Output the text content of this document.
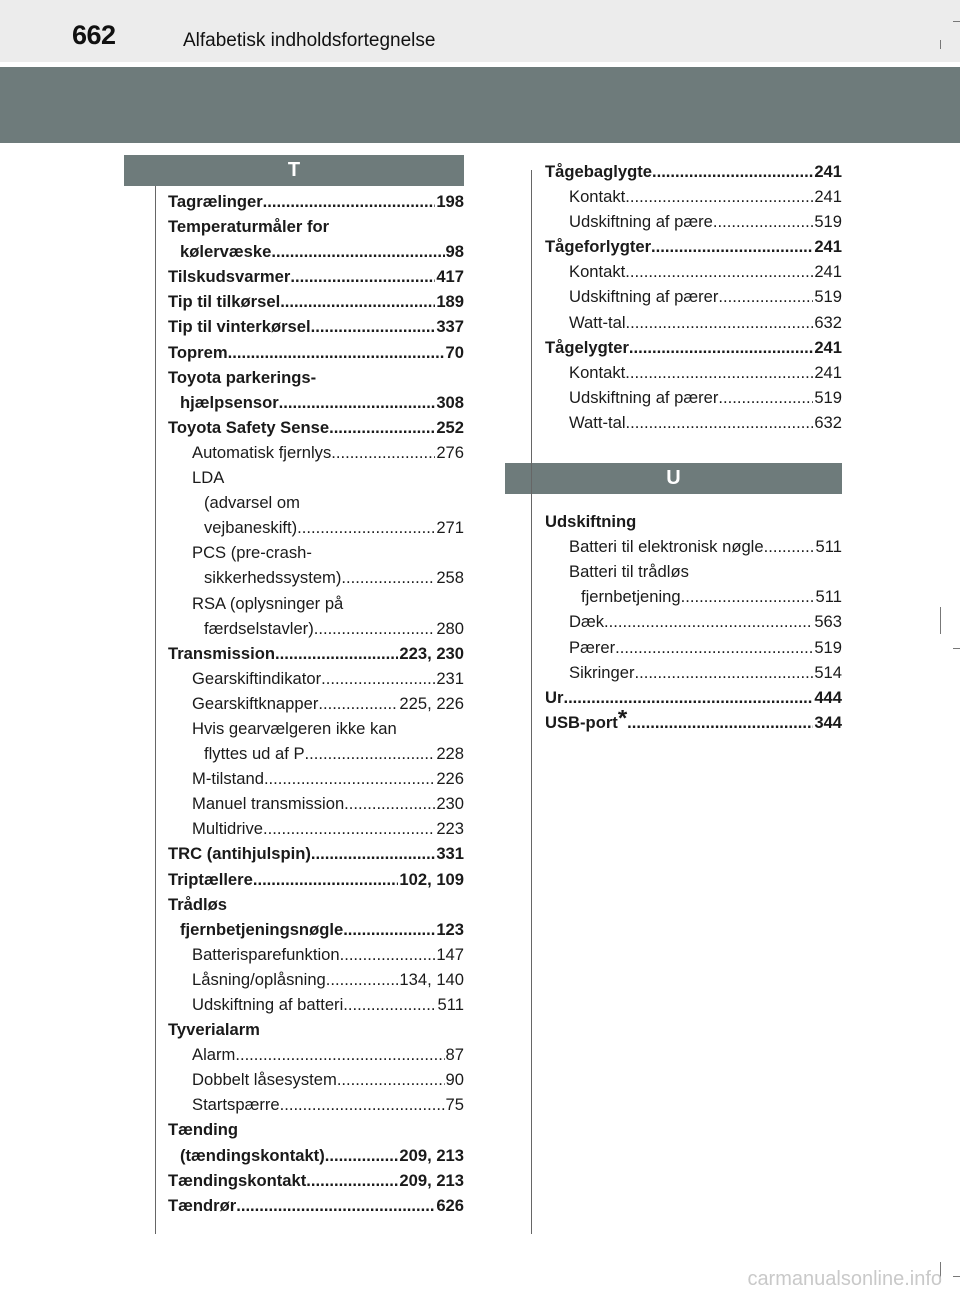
662	Alfabetisk indholdsfortegnelse
T
U
Tagrælinger .....	198
Temperaturmåler for
kølervæske .....	98
Tilskudsvarmer .....	417
Tip til tilkørsel .....	189
Tip til vinterkørsel .....	337
Toprem .....	70
Toyota parkerings-
hjælpsensor .....	308
Toyota Safety Sense .....	252
Automatisk fjernlys .....	276
LDA
(advarsel om
vejbaneskift) .....	271
PCS (pre-crash-
sikkerhedssystem) .....	258
RSA (oplysninger på
færdselstavler) .....	280
Transmission .....	223, 230
Gearskiftindikator .....	231
Gearskiftknapper .....	225, 226
Hvis gearvælgeren ikke kan
flyttes ud af P .....	228
M-tilstand .....	226
Manuel transmission .....	230
Multidrive .....	223
TRC (antihjulspin) .....	331
Triptællere .....	102, 109
Trådløs
fjernbetjeningsnøgle .....	123
Batterisparefunktion .....	147
Låsning/oplåsning .....	134, 140
Udskiftning af batteri .....	511
Tyverialarm
Alarm .....	87
Dobbelt låsesystem .....	90
Startspærre .....	75
Tænding
(tændingskontakt) .....	209, 213
Tændingskontakt .....	209, 213
Tændrør .....	626
Tågebaglygte .....	241
Kontakt .....	241
Udskiftning af pære .....	519
Tågeforlygter .....	241
Kontakt .....	241
Udskiftning af pærer .....	519
Watt-tal .....	632
Tågelygter .....	241
Kontakt .....	241
Udskiftning af pærer .....	519
Watt-tal .....	632
Udskiftning
Batteri til elektronisk nøgle .....	511
Batteri til trådløs
fjernbetjening .....	511
Dæk .....	563
Pærer .....	519
Sikringer .....	514
Ur .....	444
USB-port* .....	344
carmanualsonline.info
